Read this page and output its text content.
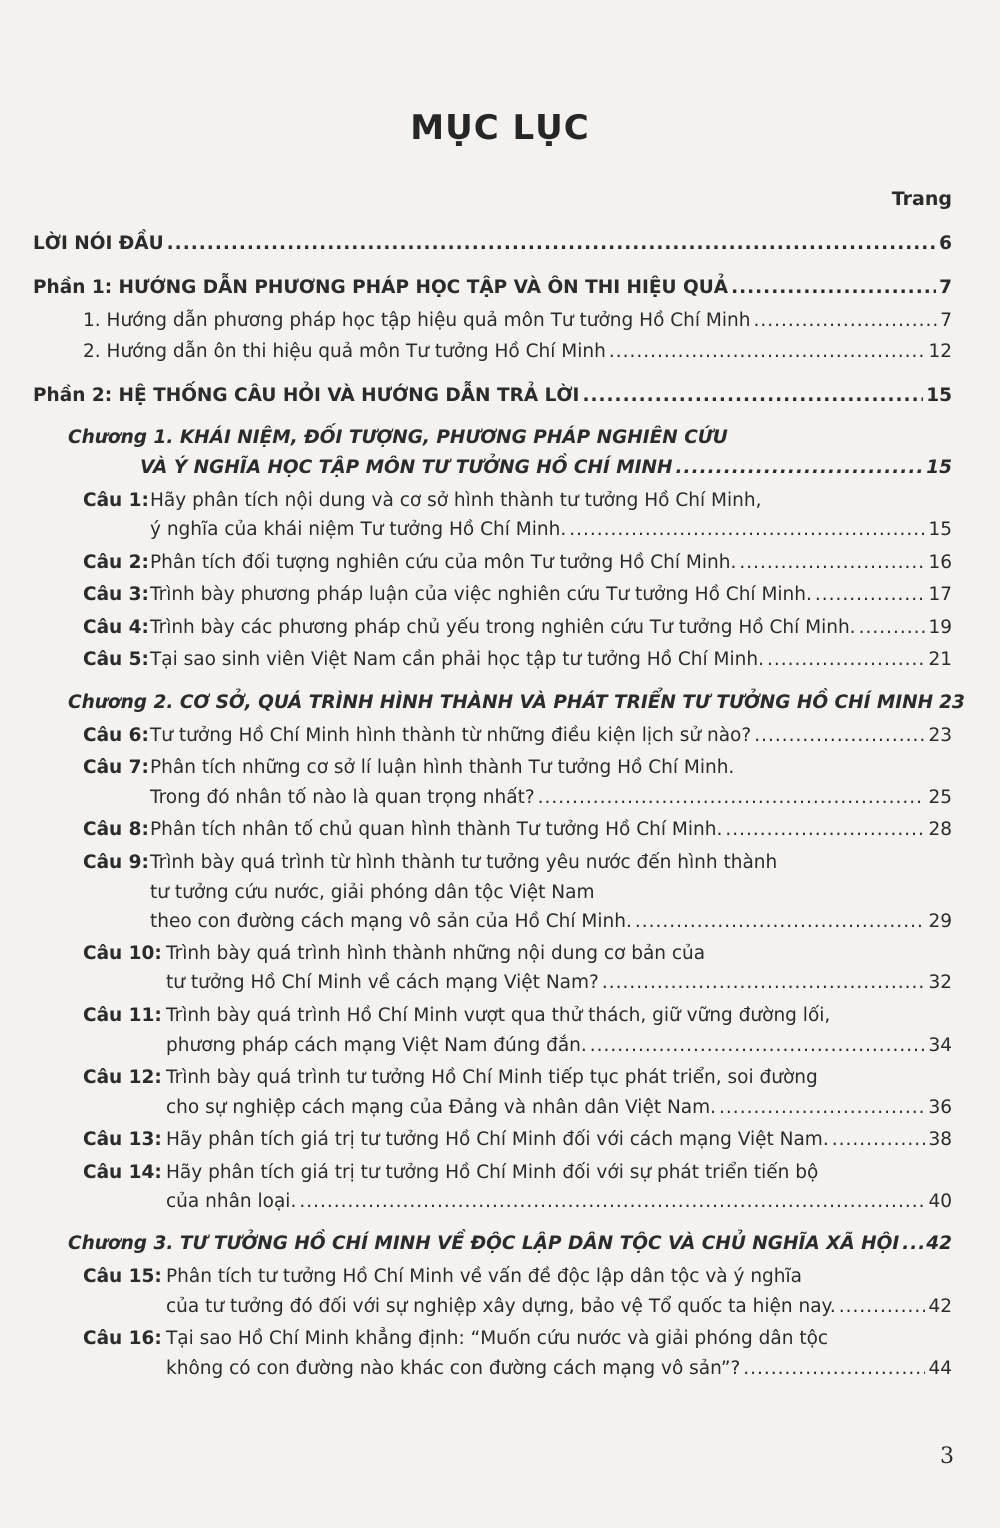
MỤC LỤC
Trang
LỜI NÓI ĐẦU .....	6
Phần 1: HƯỚNG DẪN PHƯƠNG PHÁP HỌC TẬP VÀ ÔN THI HIỆU QUẢ .....	7
1. Hướng dẫn phương pháp học tập hiệu quả môn Tư tưởng Hồ Chí Minh .....	7
2. Hướng dẫn ôn thi hiệu quả môn Tư tưởng Hồ Chí Minh .....	12
Phần 2: HỆ THỐNG CÂU HỎI VÀ HƯỚNG DẪN TRẢ LỜI .....	15
Chương 1. KHÁI NIỆM, ĐỐI TƯỢNG, PHƯƠNG PHÁP NGHIÊN CỨU
VÀ Ý NGHĨA HỌC TẬP MÔN TƯ TƯỞNG HỒ CHÍ MINH .....	15
Câu 1: Hãy phân tích nội dung và cơ sở hình thành tư tưởng Hồ Chí Minh,
ý nghĩa của khái niệm Tư tưởng Hồ Chí Minh. .....	15
Câu 2: Phân tích đối tượng nghiên cứu của môn Tư tưởng Hồ Chí Minh. .....	16
Câu 3: Trình bày phương pháp luận của việc nghiên cứu Tư tưởng Hồ Chí Minh. .....	17
Câu 4: Trình bày các phương pháp chủ yếu trong nghiên cứu Tư tưởng Hồ Chí Minh. .....	19
Câu 5: Tại sao sinh viên Việt Nam cần phải học tập tư tưởng Hồ Chí Minh. .....	21
Chương 2. CƠ SỞ, QUÁ TRÌNH HÌNH THÀNH VÀ PHÁT TRIỂN TƯ TƯỞNG HỒ CHÍ MINH 23
Câu 6: Tư tưởng Hồ Chí Minh hình thành từ những điều kiện lịch sử nào? .....	23
Câu 7: Phân tích những cơ sở lí luận hình thành Tư tưởng Hồ Chí Minh.
Trong đó nhân tố nào là quan trọng nhất? .....	25
Câu 8: Phân tích nhân tố chủ quan hình thành Tư tưởng Hồ Chí Minh. .....	28
Câu 9: Trình bày quá trình từ hình thành tư tưởng yêu nước đến hình thành
tư tưởng cứu nước, giải phóng dân tộc Việt Nam
theo con đường cách mạng vô sản của Hồ Chí Minh. .....	29
Câu 10: Trình bày quá trình hình thành những nội dung cơ bản của
tư tưởng Hồ Chí Minh về cách mạng Việt Nam? .....	32
Câu 11: Trình bày quá trình Hồ Chí Minh vượt qua thử thách, giữ vững đường lối,
phương pháp cách mạng Việt Nam đúng đắn. .....	34
Câu 12: Trình bày quá trình tư tưởng Hồ Chí Minh tiếp tục phát triển, soi đường
cho sự nghiệp cách mạng của Đảng và nhân dân Việt Nam. .....	36
Câu 13: Hãy phân tích giá trị tư tưởng Hồ Chí Minh đối với cách mạng Việt Nam. .....	38
Câu 14: Hãy phân tích giá trị tư tưởng Hồ Chí Minh đối với sự phát triển tiến bộ
của nhân loại. .....	40
Chương 3. TƯ TƯỞNG HỒ CHÍ MINH VỀ ĐỘC LẬP DÂN TỘC VÀ CHỦ NGHĨA XÃ HỘI ..... 42
Câu 15: Phân tích tư tưởng Hồ Chí Minh về vấn đề độc lập dân tộc và ý nghĩa
của tư tưởng đó đối với sự nghiệp xây dựng, bảo vệ Tổ quốc ta hiện nay. .....	42
Câu 16: Tại sao Hồ Chí Minh khẳng định: “Muốn cứu nước và giải phóng dân tộc
không có con đường nào khác con đường cách mạng vô sản”? .....	44
3
